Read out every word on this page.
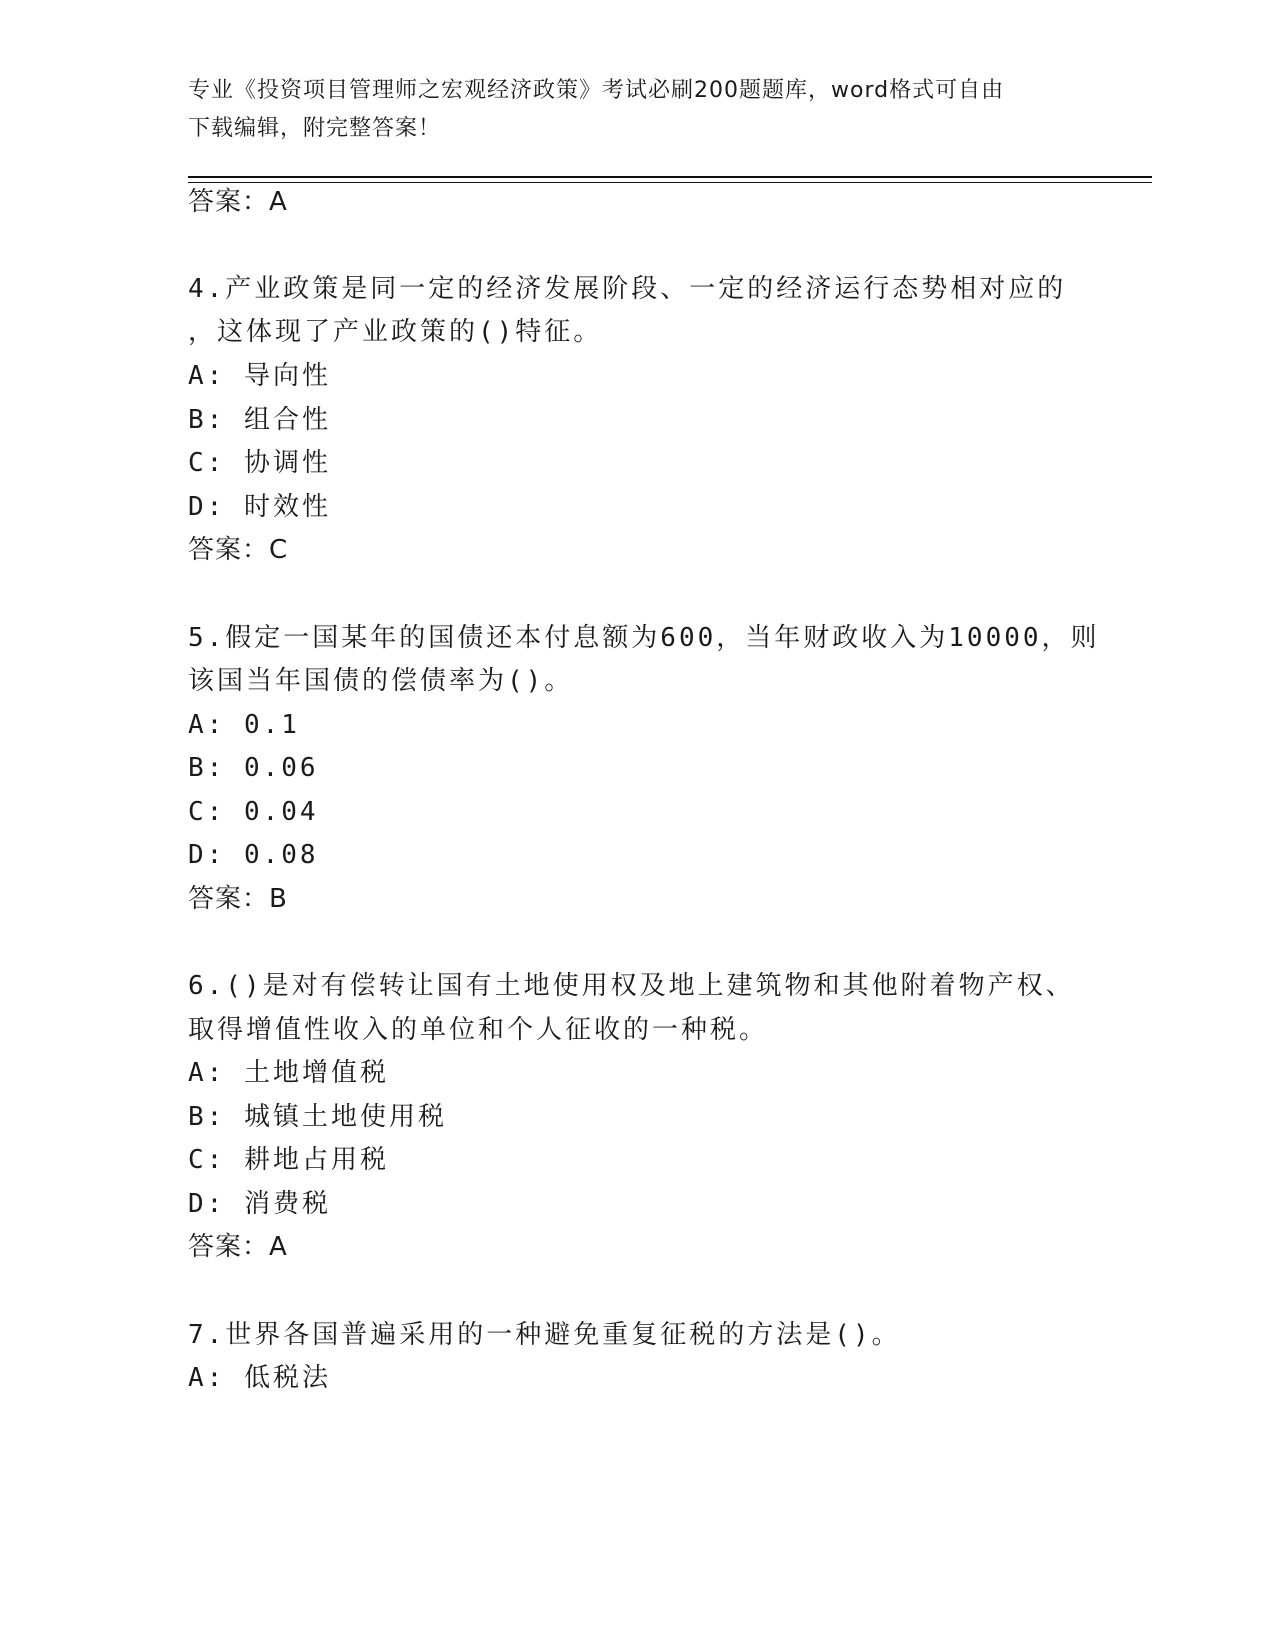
专业《投资项目管理师之宏观经济政策》考试必刷200题题库，word格式可自由
下载编辑，附完整答案！
答案：A
4.产业政策是同一定的经济发展阶段、一定的经济运行态势相对应的
，这体现了产业政策的()特征。
A: 导向性
B: 组合性
C: 协调性
D: 时效性
答案：C
5.假定一国某年的国债还本付息额为600，当年财政收入为10000，则
该国当年国债的偿债率为()。
A: 0.1
B: 0.06
C: 0.04
D: 0.08
答案：B
6.()是对有偿转让国有土地使用权及地上建筑物和其他附着物产权、
取得增值性收入的单位和个人征收的一种税。
A: 土地增值税
B: 城镇土地使用税
C: 耕地占用税
D: 消费税
答案：A
7.世界各国普遍采用的一种避免重复征税的方法是()。
A: 低税法
